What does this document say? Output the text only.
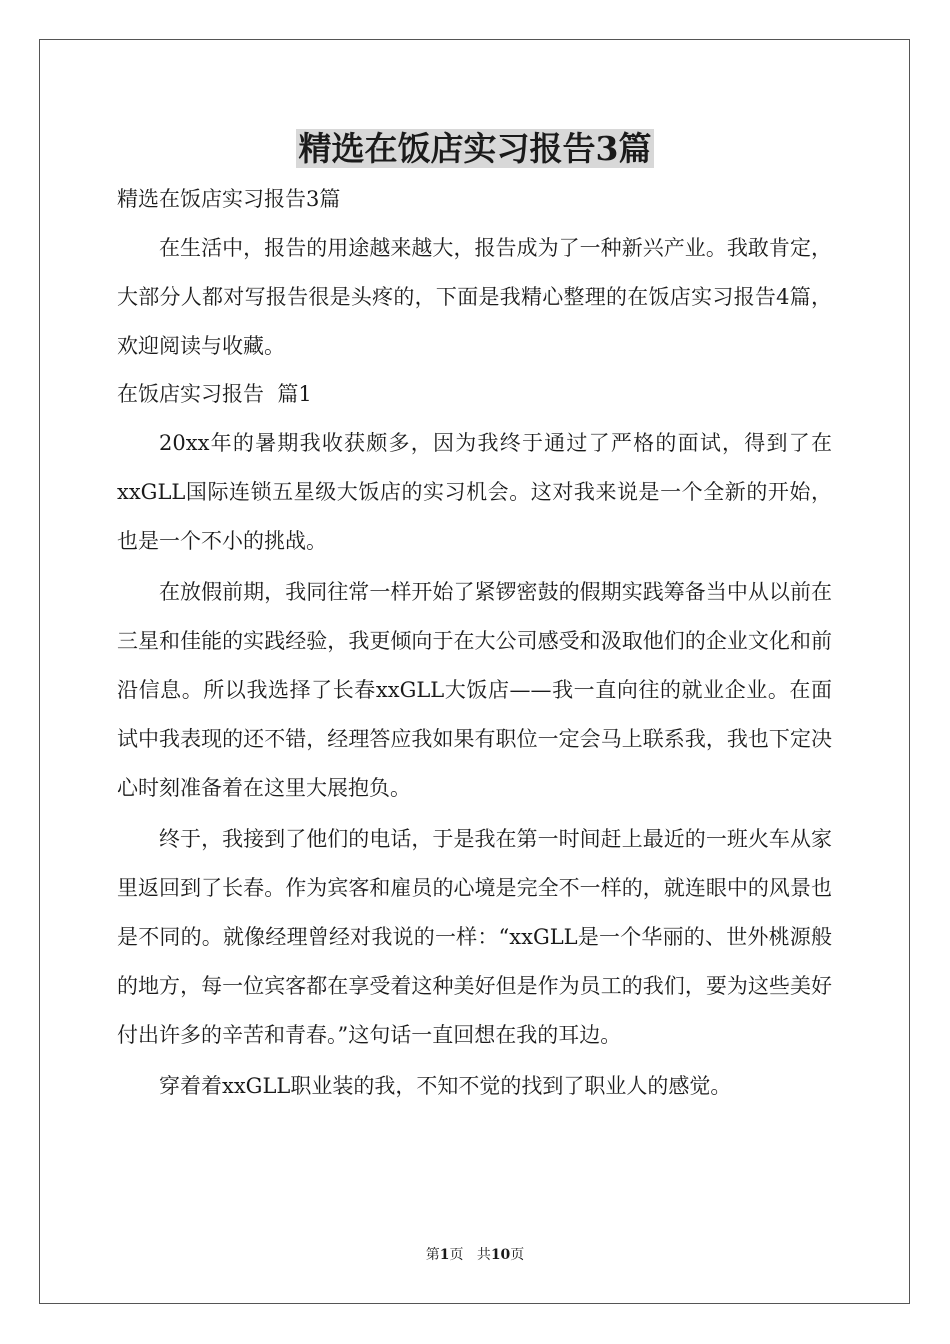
精选在饭店实习报告3篇

精选在饭店实习报告3篇

在生活中，报告的用途越来越大，报告成为了一种新兴产业。我敢肯定，大部分人都对写报告很是头疼的，下面是我精心整理的在饭店实习报告4篇，欢迎阅读与收藏。

在饭店实习报告  篇1

20xx年的暑期我收获颇多，因为我终于通过了严格的面试，得到了在xxGLL国际连锁五星级大饭店的实习机会。这对我来说是一个全新的开始，也是一个不小的挑战。

在放假前期，我同往常一样开始了紧锣密鼓的假期实践筹备当中从以前在三星和佳能的实践经验，我更倾向于在大公司感受和汲取他们的企业文化和前沿信息。所以我选择了长春xxGLL大饭店——我一直向往的就业企业。在面试中我表现的还不错，经理答应我如果有职位一定会马上联系我，我也下定决心时刻准备着在这里大展抱负。

终于，我接到了他们的电话，于是我在第一时间赶上最近的一班火车从家里返回到了长春。作为宾客和雇员的心境是完全不一样的，就连眼中的风景也是不同的。就像经理曾经对我说的一样：“xxGLL是一个华丽的、世外桃源般的地方，每一位宾客都在享受着这种美好但是作为员工的我们，要为这些美好付出许多的辛苦和青春。”这句话一直回想在我的耳边。

穿着着xxGLL职业装的我，不知不觉的找到了职业人的感觉。

第1页 共10页
